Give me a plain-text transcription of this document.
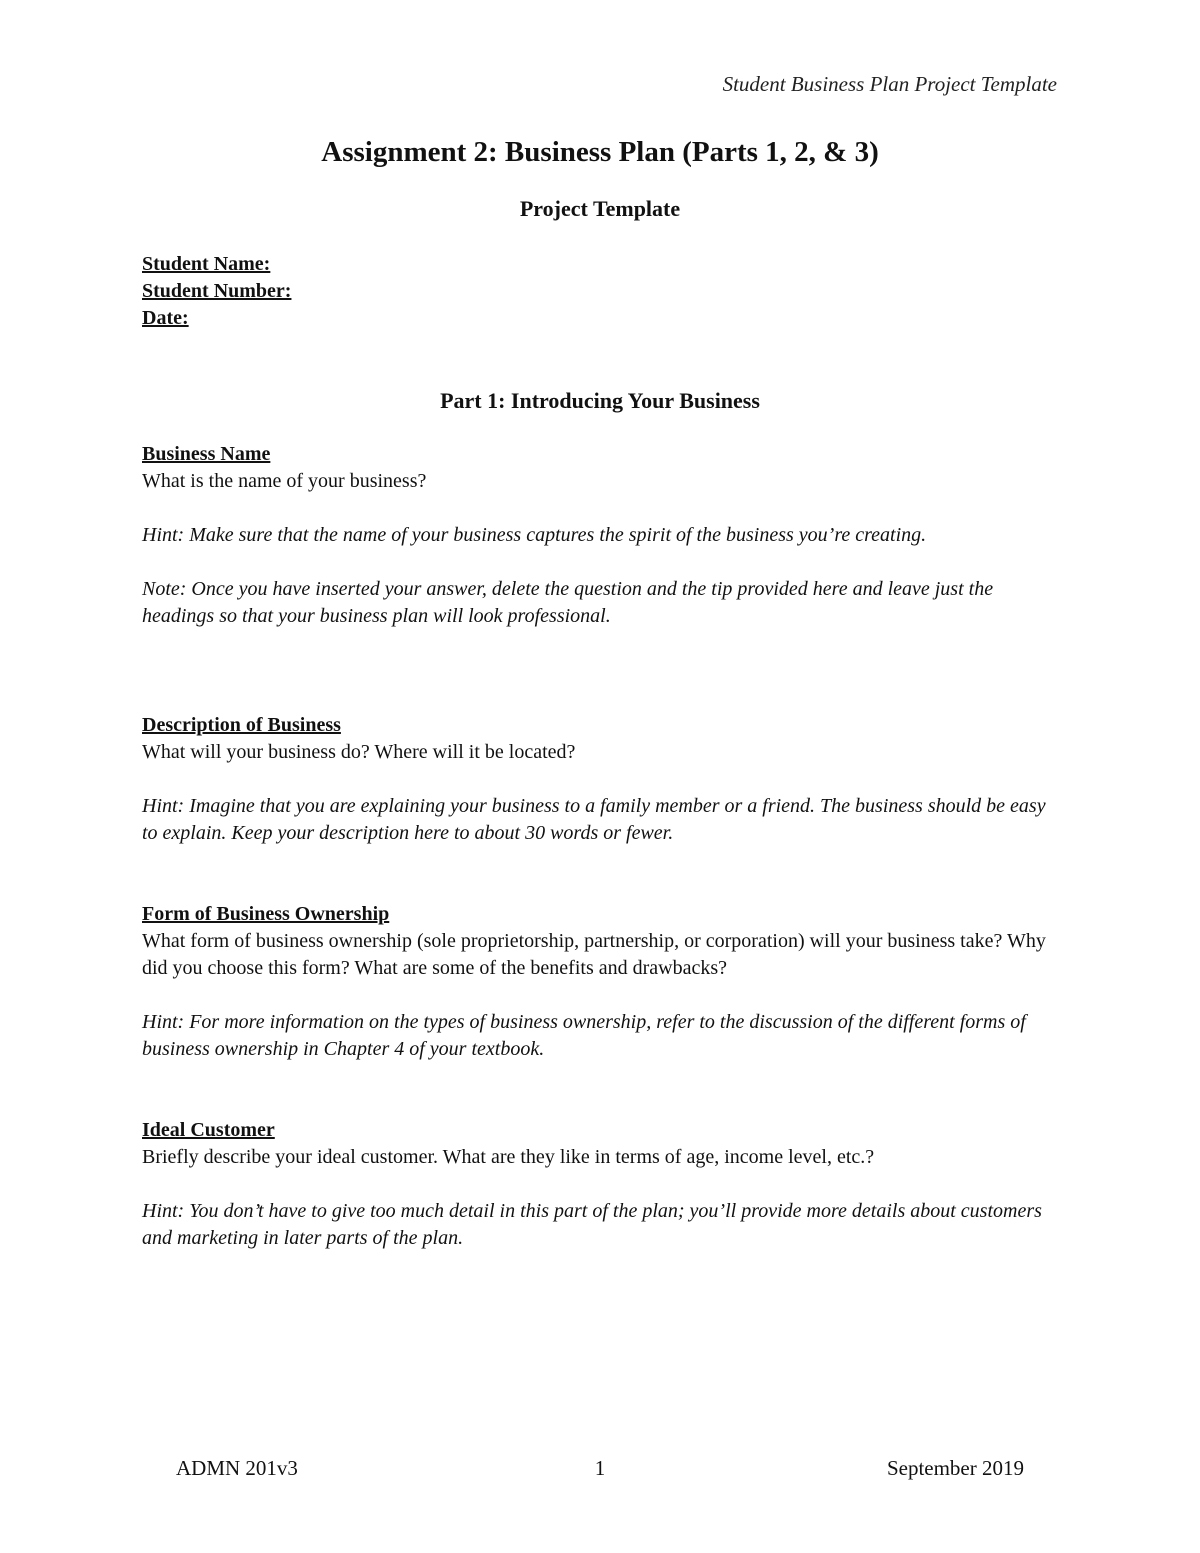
Student Business Plan Project Template
Assignment 2: Business Plan (Parts 1, 2, & 3)
Project Template
Student Name:
Student Number:
Date:
Part 1: Introducing Your Business
Business Name
What is the name of your business?
Hint: Make sure that the name of your business captures the spirit of the business you’re creating.
Note: Once you have inserted your answer, delete the question and the tip provided here and leave just the headings so that your business plan will look professional.
Description of Business
What will your business do? Where will it be located?
Hint: Imagine that you are explaining your business to a family member or a friend. The business should be easy to explain. Keep your description here to about 30 words or fewer.
Form of Business Ownership
What form of business ownership (sole proprietorship, partnership, or corporation) will your business take? Why did you choose this form? What are some of the benefits and drawbacks?
Hint: For more information on the types of business ownership, refer to the discussion of the different forms of business ownership in Chapter 4 of your textbook.
Ideal Customer
Briefly describe your ideal customer. What are they like in terms of age, income level, etc.?
Hint: You don’t have to give too much detail in this part of the plan; you’ll provide more details about customers and marketing in later parts of the plan.
ADMN 201v3	1	September 2019
